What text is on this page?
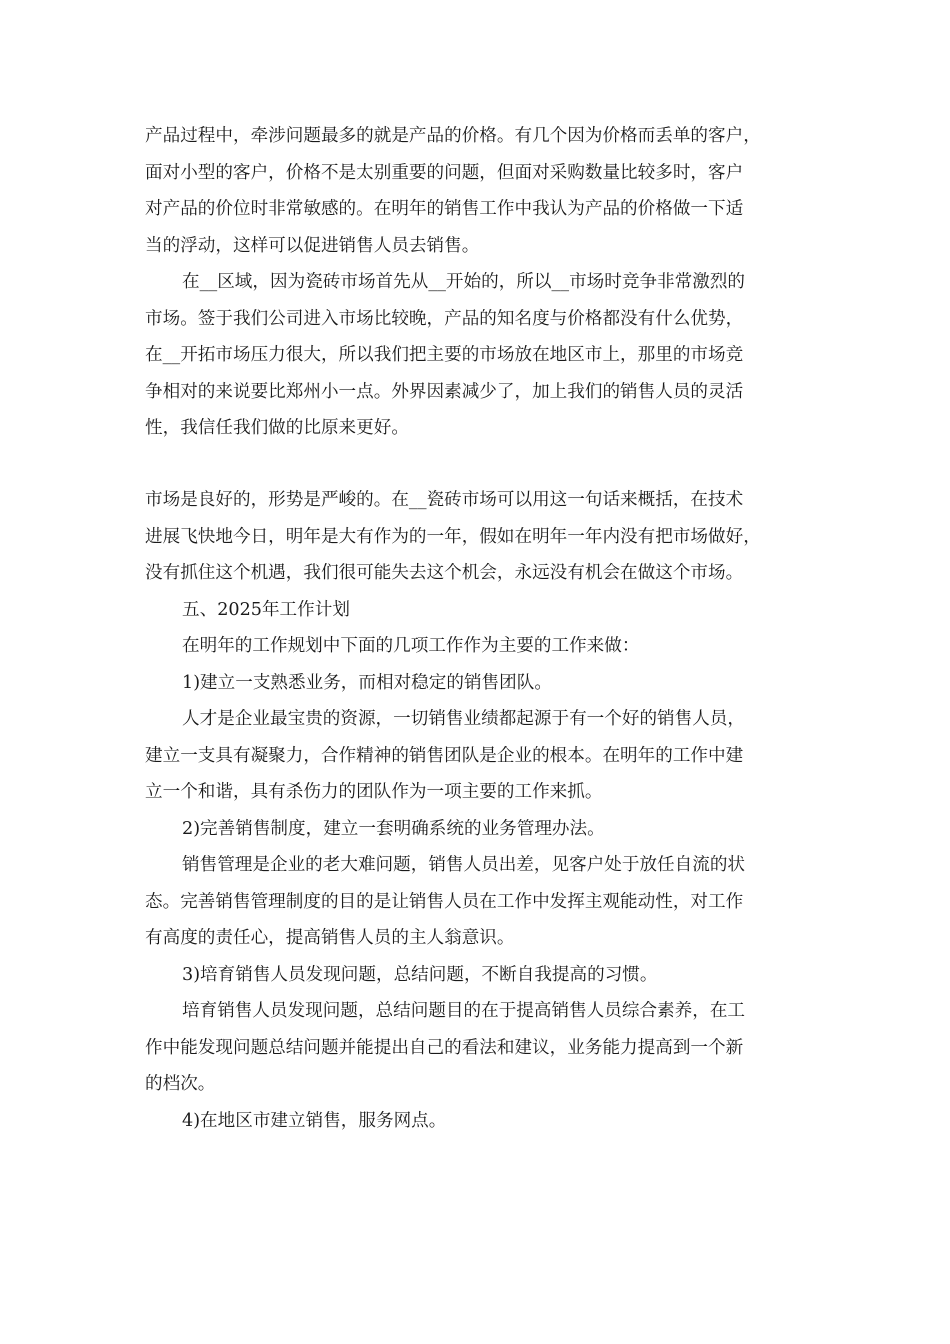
产品过程中，牵涉问题最多的就是产品的价格。有几个因为价格而丢单的客户，
面对小型的客户，价格不是太别重要的问题，但面对采购数量比较多时，客户
对产品的价位时非常敏感的。在明年的销售工作中我认为产品的价格做一下适
当的浮动，这样可以促进销售人员去销售。
在__区域，因为瓷砖市场首先从__开始的，所以__市场时竞争非常激烈的
市场。签于我们公司进入市场比较晚，产品的知名度与价格都没有什么优势，
在__开拓市场压力很大，所以我们把主要的市场放在地区市上，那里的市场竞
争相对的来说要比郑州小一点。外界因素减少了，加上我们的销售人员的灵活
性，我信任我们做的比原来更好。
市场是良好的，形势是严峻的。在__瓷砖市场可以用这一句话来概括，在技术
进展飞快地今日，明年是大有作为的一年，假如在明年一年内没有把市场做好，
没有抓住这个机遇，我们很可能失去这个机会，永远没有机会在做这个市场。
五、2025年工作计划
在明年的工作规划中下面的几项工作作为主要的工作来做：
1)建立一支熟悉业务，而相对稳定的销售团队。
人才是企业最宝贵的资源，一切销售业绩都起源于有一个好的销售人员，
建立一支具有凝聚力，合作精神的销售团队是企业的根本。在明年的工作中建
立一个和谐，具有杀伤力的团队作为一项主要的工作来抓。
2)完善销售制度，建立一套明确系统的业务管理办法。
销售管理是企业的老大难问题，销售人员出差，见客户处于放任自流的状
态。完善销售管理制度的目的是让销售人员在工作中发挥主观能动性，对工作
有高度的责任心，提高销售人员的主人翁意识。
3)培育销售人员发现问题，总结问题，不断自我提高的习惯。
培育销售人员发现问题，总结问题目的在于提高销售人员综合素养，在工
作中能发现问题总结问题并能提出自己的看法和建议，业务能力提高到一个新
的档次。
4)在地区市建立销售，服务网点。
